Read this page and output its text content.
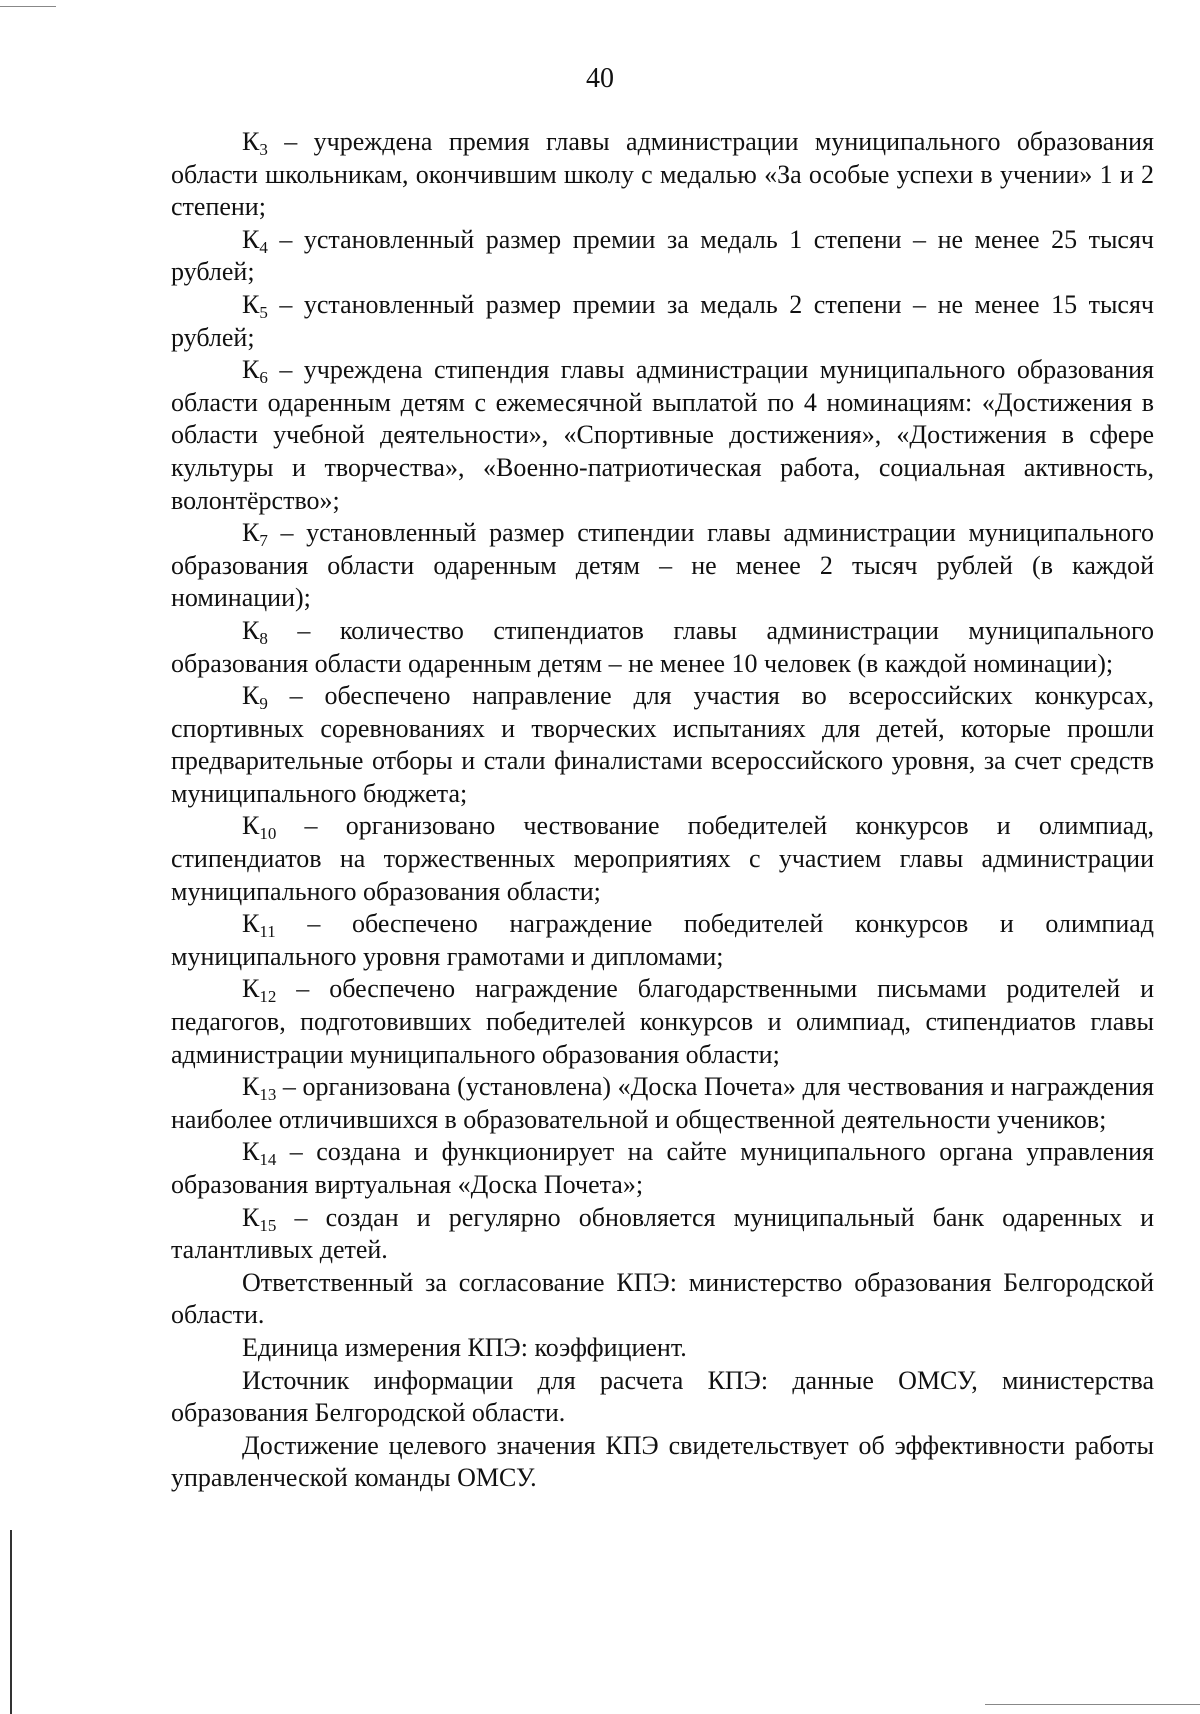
40

$К_3$ – учреждена премия главы администрации муниципального образования области школьникам, окончившим школу с медалью «За особые успехи в учении» 1 и 2 степени;

$К_4$ – установленный размер премии за медаль 1 степени – не менее 25 тысяч рублей;

$К_5$ – установленный размер премии за медаль 2 степени – не менее 15 тысяч рублей;

$К_6$ – учреждена стипендия главы администрации муниципального образования области одаренным детям с ежемесячной выплатой по 4 номинациям: «Достижения в области учебной деятельности», «Спортивные достижения», «Достижения в сфере культуры и творчества», «Военно-патриотическая работа, социальная активность, волонтёрство»;

$К_7$ – установленный размер стипендии главы администрации муниципального образования области одаренным детям – не менее 2 тысяч рублей (в каждой номинации);

$К_8$ – количество стипендиатов главы администрации муниципального образования области одаренным детям – не менее 10 человек (в каждой номинации);

$К_9$ – обеспечено направление для участия во всероссийских конкурсах, спортивных соревнованиях и творческих испытаниях для детей, которые прошли предварительные отборы и стали финалистами всероссийского уровня, за счет средств муниципального бюджета;

$К_{10}$ – организовано чествование победителей конкурсов и олимпиад, стипендиатов на торжественных мероприятиях с участием главы администрации муниципального образования области;

$К_{11}$ – обеспечено награждение победителей конкурсов и олимпиад муниципального уровня грамотами и дипломами;

$К_{12}$ – обеспечено награждение благодарственными письмами родителей и педагогов, подготовивших победителей конкурсов и олимпиад, стипендиатов главы администрации муниципального образования области;

$К_{13}$ – организована (установлена) «Доска Почета» для чествования и награждения наиболее отличившихся в образовательной и общественной деятельности учеников;

$К_{14}$ – создана и функционирует на сайте муниципального органа управления образования виртуальная «Доска Почета»;

$К_{15}$ – создан и регулярно обновляется муниципальный банк одаренных и талантливых детей.

Ответственный за согласование КПЭ: министерство образования Белгородской области.

Единица измерения КПЭ: коэффициент.

Источник информации для расчета КПЭ: данные ОМСУ, министерства образования Белгородской области.

Достижение целевого значения КПЭ свидетельствует об эффективности работы управленческой команды ОМСУ.
